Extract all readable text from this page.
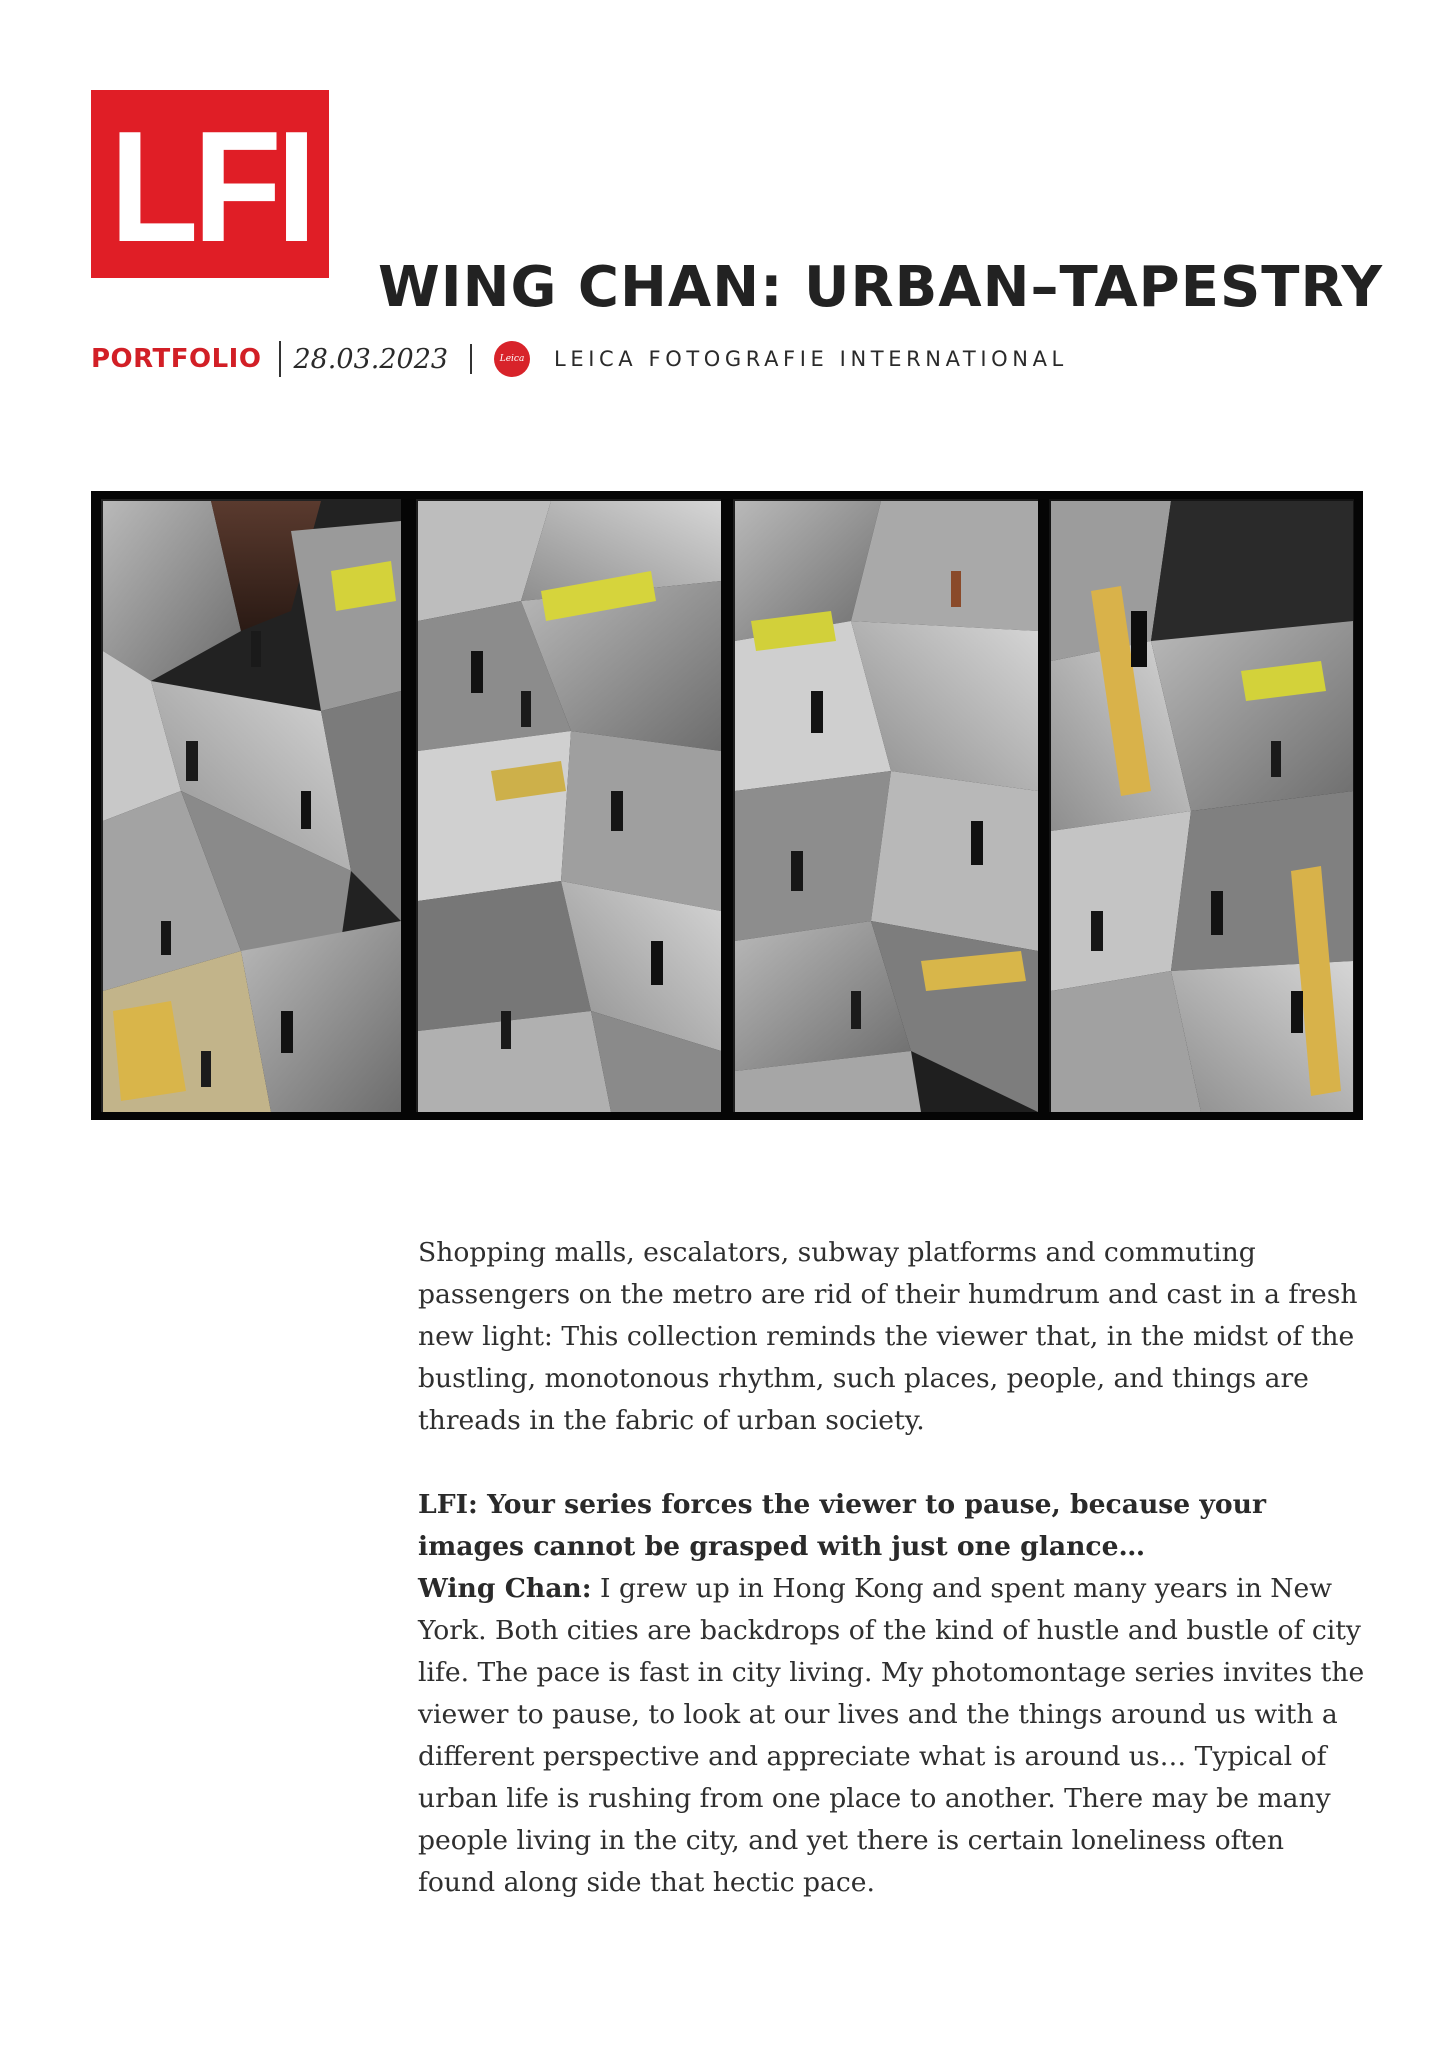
LFI
WING CHAN: URBAN–TAPESTRY
PORTFOLIO 28.03.2023	Leica LEICA FOTOGRAFIE INTERNATIONAL

Shopping malls, escalators, subway platforms and commuting passengers on the metro are rid of their humdrum and cast in a fresh new light: This collection reminds the viewer that, in the midst of the bustling, monotonous rhythm, such places, people, and things are threads in the fabric of urban society.

LFI: Your series forces the viewer to pause, because your images cannot be grasped with just one glance…

Wing Chan: I grew up in Hong Kong and spent many years in New York. Both cities are backdrops of the kind of hustle and bustle of city life. The pace is fast in city living. My photomontage series invites the viewer to pause, to look at our lives and the things around us with a different perspective and appreciate what is around us… Typical of urban life is rushing from one place to another. There may be many people living in the city, and yet there is certain loneliness often found along side that hectic pace.
